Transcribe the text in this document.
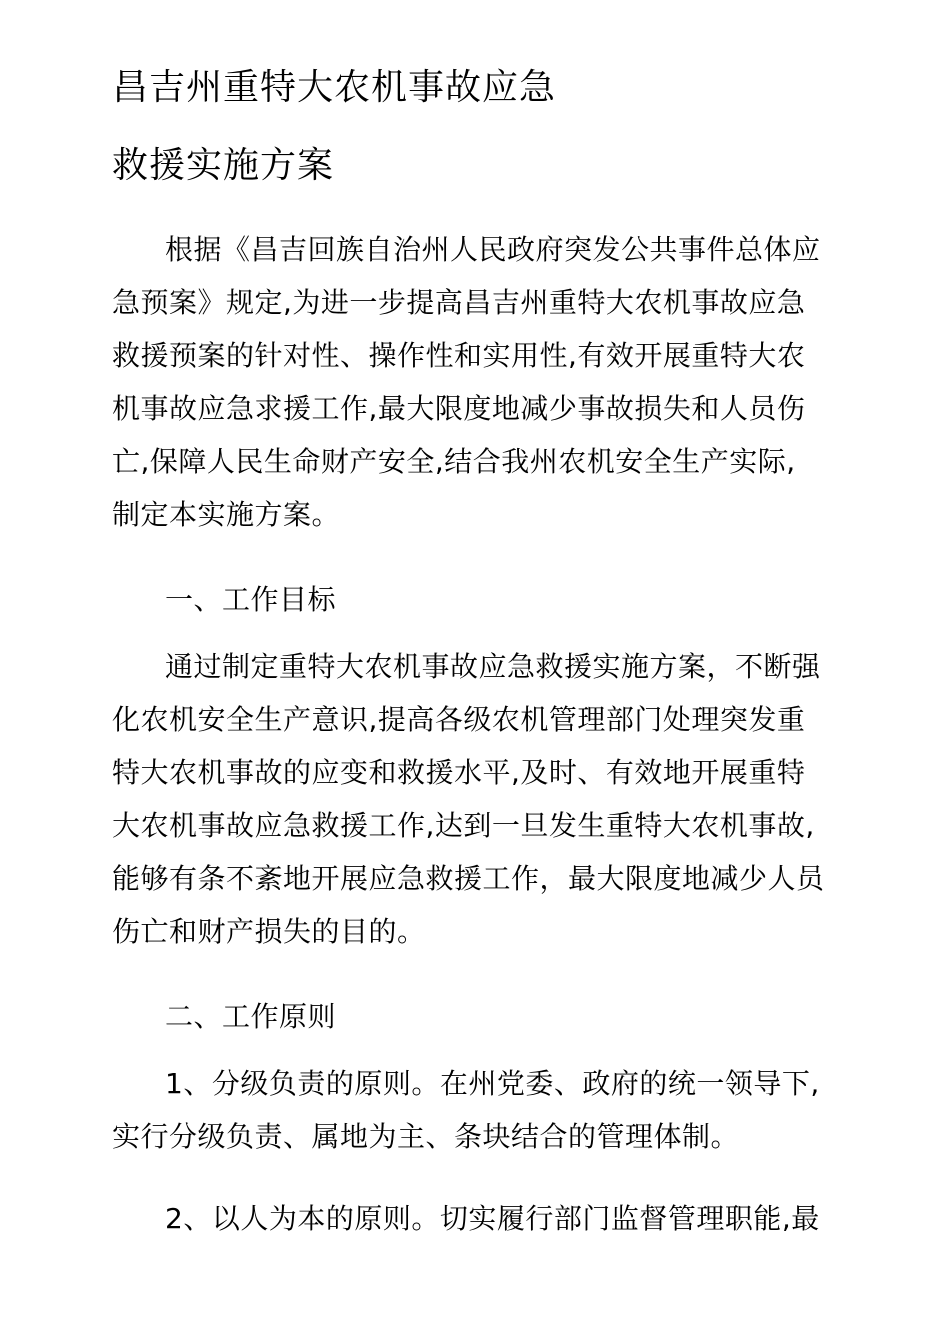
昌吉州重特大农机事故应急
救援实施方案
根据《昌吉回族自治州人民政府突发公共事件总体应
急预案》规定,为进一步提高昌吉州重特大农机事故应急
救援预案的针对性、操作性和实用性,有效开展重特大农
机事故应急求援工作,最大限度地减少事故损失和人员伤
亡,保障人民生命财产安全,结合我州农机安全生产实际,
制定本实施方案。
一、工作目标
通过制定重特大农机事故应急救援实施方案，不断强
化农机安全生产意识,提高各级农机管理部门处理突发重
特大农机事故的应变和救援水平,及时、有效地开展重特
大农机事故应急救援工作,达到一旦发生重特大农机事故,
能够有条不紊地开展应急救援工作，最大限度地减少人员
伤亡和财产损失的目的。
二、工作原则
1、分级负责的原则。在州党委、政府的统一领导下,
实行分级负责、属地为主、条块结合的管理体制。
2、以人为本的原则。切实履行部门监督管理职能,最
